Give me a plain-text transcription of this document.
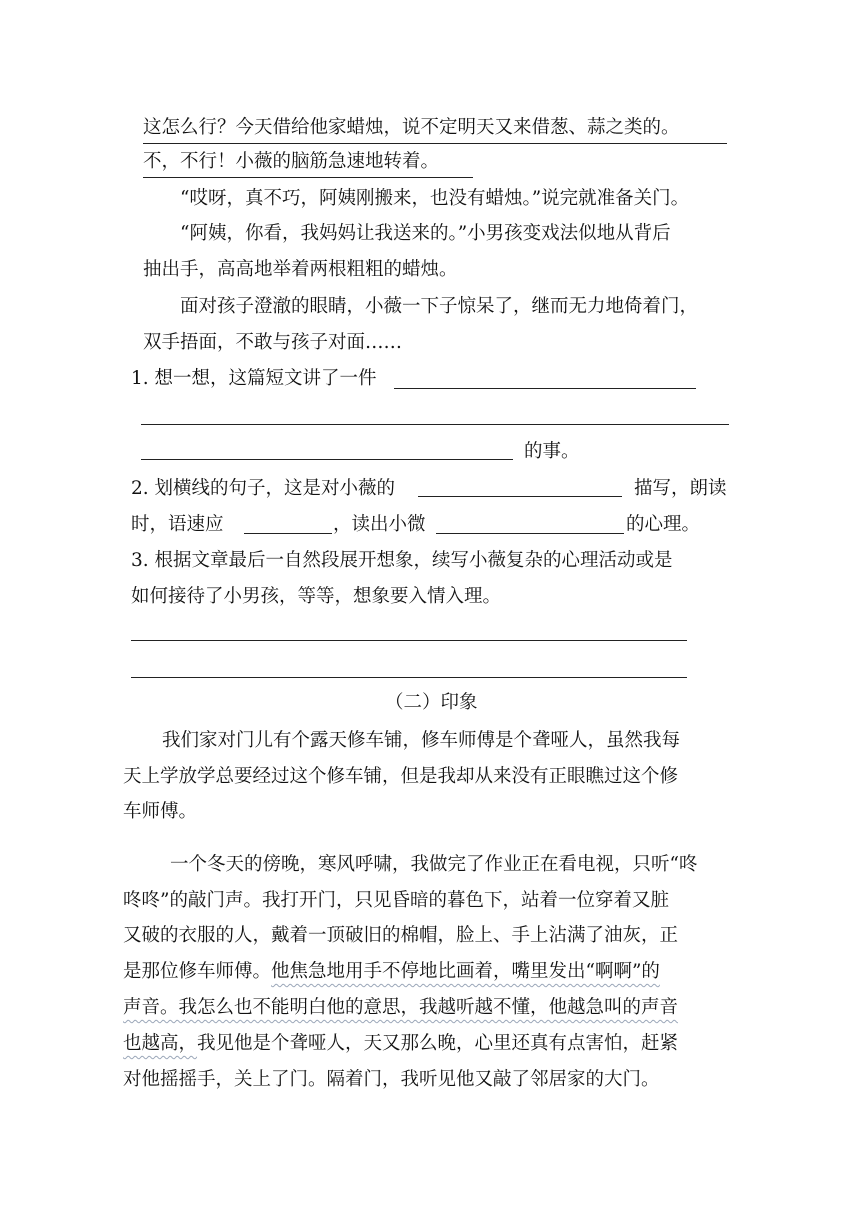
这怎么行？今天借给他家蜡烛，说不定明天又来借葱、蒜之类的。
不，不行！小薇的脑筋急速地转着。
“哎呀，真不巧，阿姨刚搬来，也没有蜡烛。”说完就准备关门。
“阿姨，你看，我妈妈让我送来的。”小男孩变戏法似地从背后
抽出手，高高地举着两根粗粗的蜡烛。
面对孩子澄澈的眼睛，小薇一下子惊呆了，继而无力地倚着门，
双手捂面，不敢与孩子对面……
1. 想一想，这篇短文讲了一件
的事。
2. 划横线的句子，这是对小薇的	描写，朗读
时，语速应	，读出小微	的心理。
3. 根据文章最后一自然段展开想象，续写小薇复杂的心理活动或是
如何接待了小男孩，等等，想象要入情入理。
（二）印象
我们家对门儿有个露天修车铺，修车师傅是个聋哑人，虽然我每
天上学放学总要经过这个修车铺，但是我却从来没有正眼瞧过这个修
车师傅。
一个冬天的傍晚，寒风呼啸，我做完了作业正在看电视，只听“咚
咚咚”的敲门声。我打开门，只见昏暗的暮色下，站着一位穿着又脏
又破的衣服的人，戴着一顶破旧的棉帽，脸上、手上沾满了油灰，正
是那位修车师傅。他焦急地用手不停地比画着，嘴里发出“啊啊”的
声音。我怎么也不能明白他的意思，我越听越不懂，他越急叫的声音
也越高，我见他是个聋哑人，天又那么晚，心里还真有点害怕，赶紧
对他摇摇手，关上了门。隔着门，我听见他又敲了邻居家的大门。
